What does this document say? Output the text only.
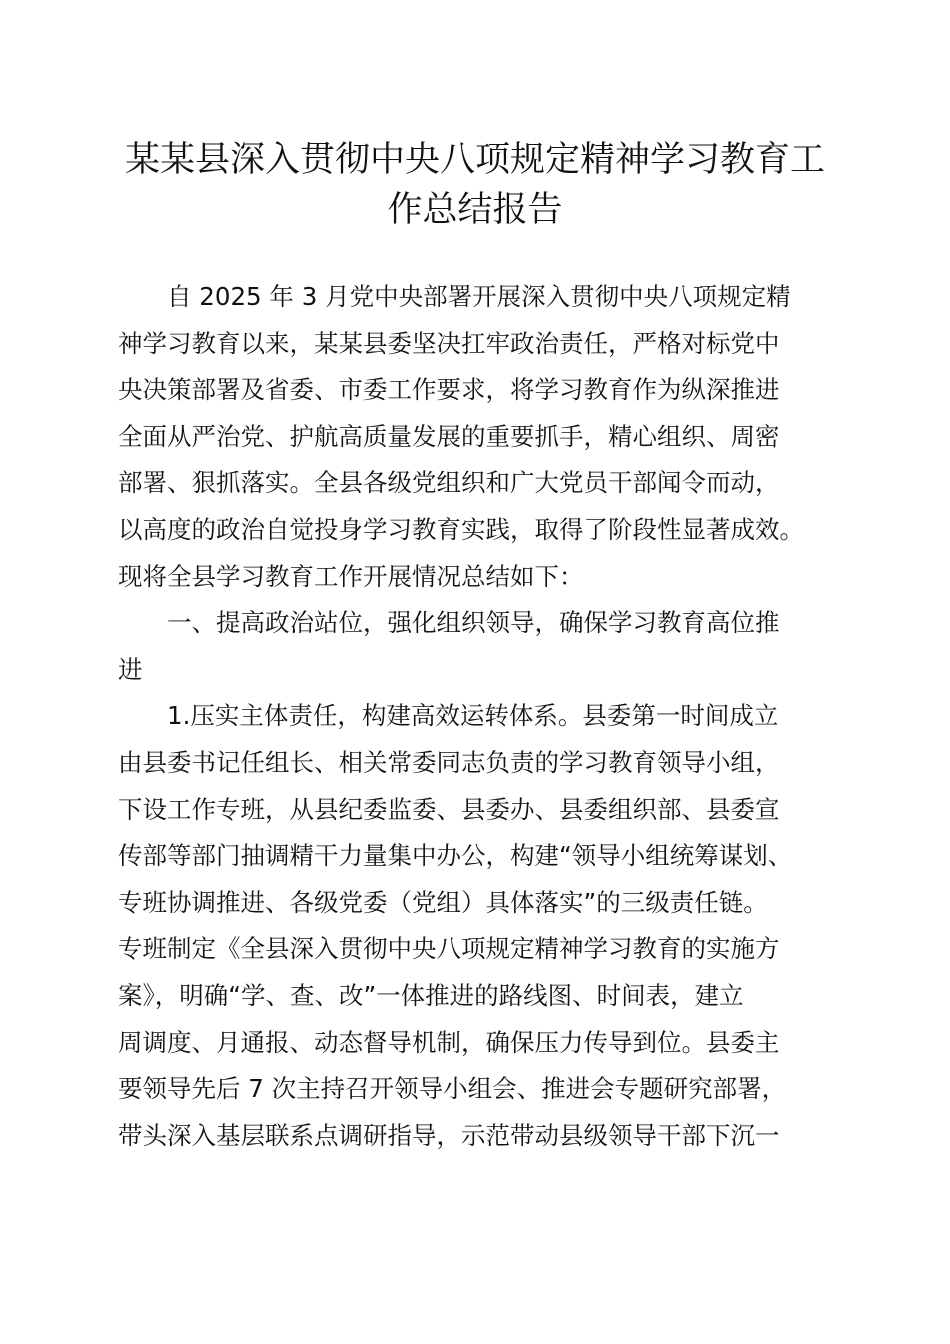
某某县深入贯彻中央八项规定精神学习教育工
作总结报告
　　自 2025 年 3 月党中央部署开展深入贯彻中央八项规定精
神学习教育以来，某某县委坚决扛牢政治责任，严格对标党中
央决策部署及省委、市委工作要求，将学习教育作为纵深推进
全面从严治党、护航高质量发展的重要抓手，精心组织、周密
部署、狠抓落实。全县各级党组织和广大党员干部闻令而动，
以高度的政治自觉投身学习教育实践，取得了阶段性显著成效。
现将全县学习教育工作开展情况总结如下：
　　一、提高政治站位，强化组织领导，确保学习教育高位推
进
　　1.压实主体责任，构建高效运转体系。县委第一时间成立
由县委书记任组长、相关常委同志负责的学习教育领导小组，
下设工作专班，从县纪委监委、县委办、县委组织部、县委宣
传部等部门抽调精干力量集中办公，构建“领导小组统筹谋划、
专班协调推进、各级党委（党组）具体落实”的三级责任链。
专班制定《全县深入贯彻中央八项规定精神学习教育的实施方
案》，明确“学、查、改”一体推进的路线图、时间表，建立
周调度、月通报、动态督导机制，确保压力传导到位。县委主
要领导先后 7 次主持召开领导小组会、推进会专题研究部署，
带头深入基层联系点调研指导，示范带动县级领导干部下沉一
